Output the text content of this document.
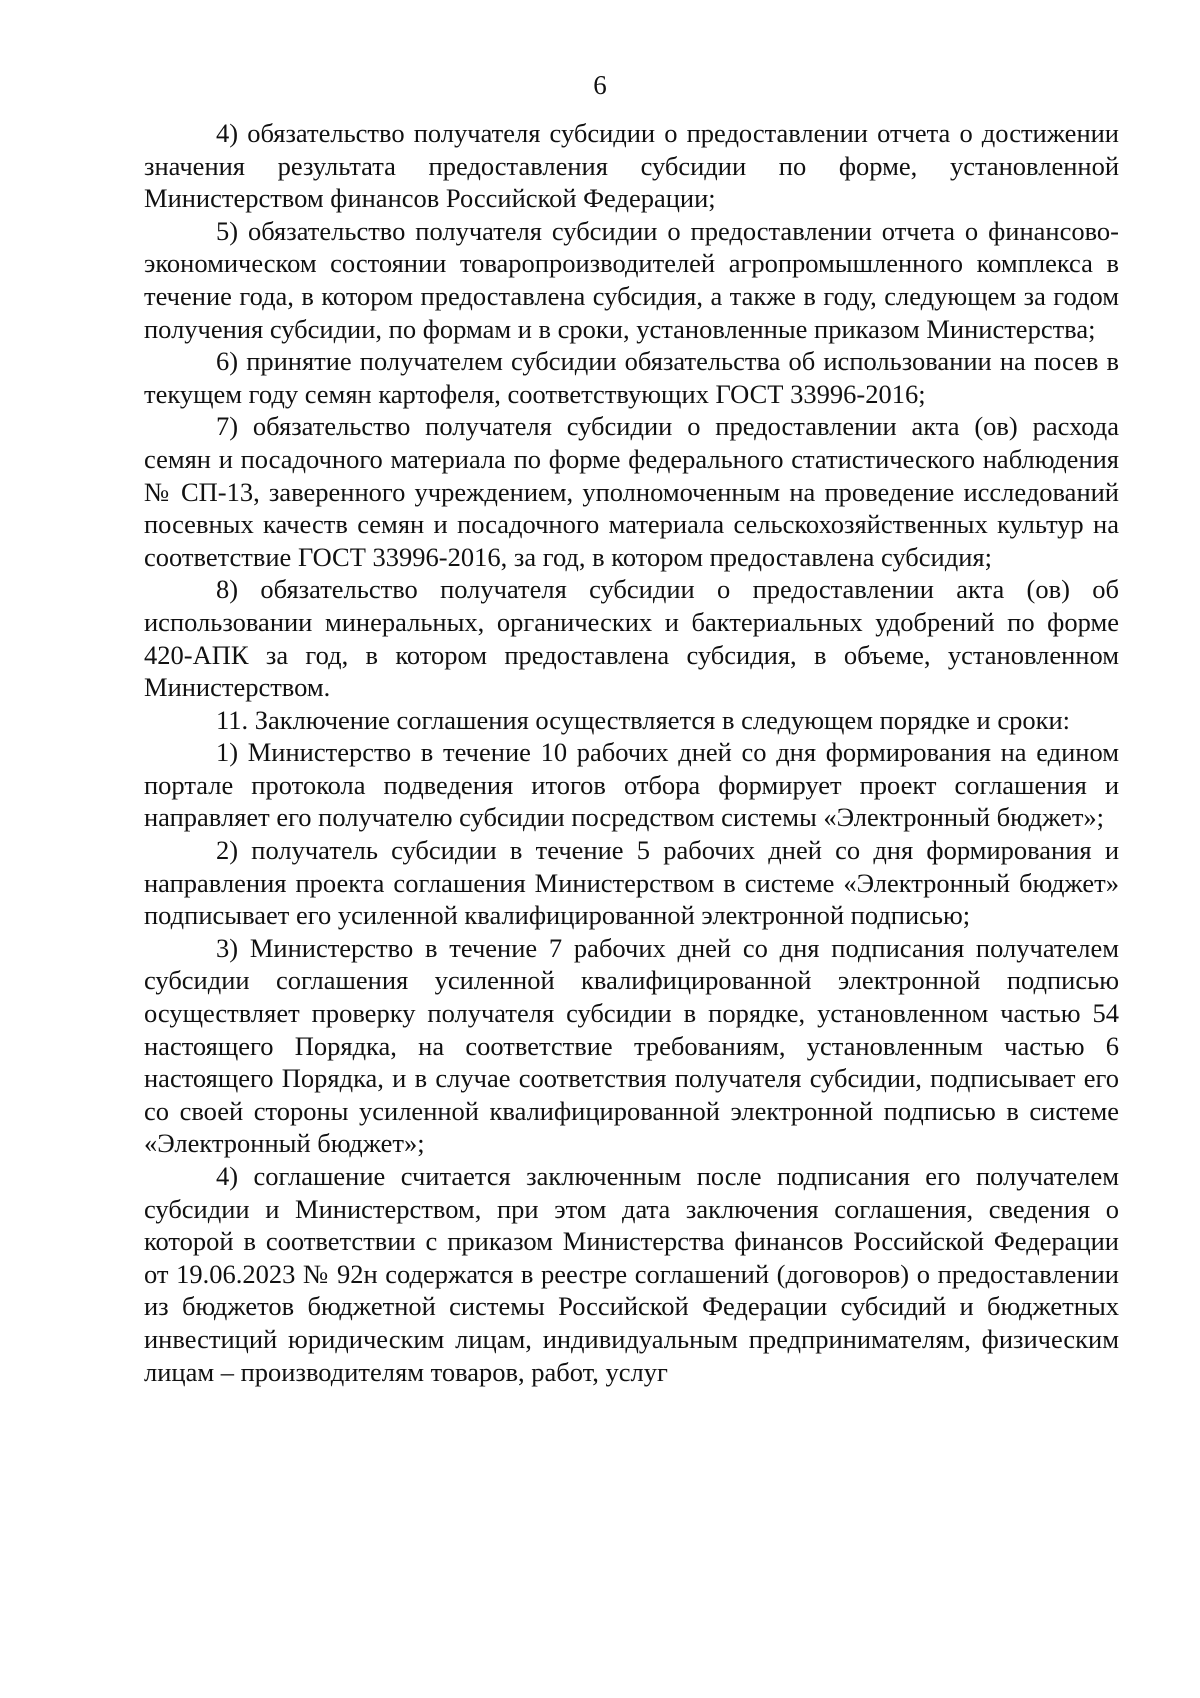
6

4) обязательство получателя субсидии о предоставлении отчета о достижении значения результата предоставления субсидии по форме, установленной Министерством финансов Российской Федерации;

5) обязательство получателя субсидии о предоставлении отчета о финансово-экономическом состоянии товаропроизводителей агропромышленного комплекса в течение года, в котором предоставлена субсидия, а также в году, следующем за годом получения субсидии, по формам и в сроки, установленные приказом Министерства;

6) принятие получателем субсидии обязательства об использовании на посев в текущем году семян картофеля, соответствующих ГОСТ 33996-2016;

7) обязательство получателя субсидии о предоставлении акта (ов) расхода семян и посадочного материала по форме федерального статистического наблюдения № СП-13, заверенного учреждением, уполномоченным на проведение исследований посевных качеств семян и посадочного материала сельскохозяйственных культур на соответствие ГОСТ 33996-2016, за год, в котором предоставлена субсидия;

8) обязательство получателя субсидии о предоставлении акта (ов) об использовании минеральных, органических и бактериальных удобрений по форме 420-АПК за год, в котором предоставлена субсидия, в объеме, установленном Министерством.

11. Заключение соглашения осуществляется в следующем порядке и сроки:

1) Министерство в течение 10 рабочих дней со дня формирования на едином портале протокола подведения итогов отбора формирует проект соглашения и направляет его получателю субсидии посредством системы «Электронный бюджет»;

2) получатель субсидии в течение 5 рабочих дней со дня формирования и направления проекта соглашения Министерством в системе «Электронный бюджет» подписывает его усиленной квалифицированной электронной подписью;

3) Министерство в течение 7 рабочих дней со дня подписания получателем субсидии соглашения усиленной квалифицированной электронной подписью осуществляет проверку получателя субсидии в порядке, установленном частью 54 настоящего Порядка, на соответствие требованиям, установленным частью 6 настоящего Порядка, и в случае соответствия получателя субсидии, подписывает его со своей стороны усиленной квалифицированной электронной подписью в системе «Электронный бюджет»;

4) соглашение считается заключенным после подписания его получателем субсидии и Министерством, при этом дата заключения соглашения, сведения о которой в соответствии с приказом Министерства финансов Российской Федерации от 19.06.2023 № 92н содержатся в реестре соглашений (договоров) о предоставлении из бюджетов бюджетной системы Российской Федерации субсидий и бюджетных инвестиций юридическим лицам, индивидуальным предпринимателям, физическим лицам – производителям товаров, работ, услуг
